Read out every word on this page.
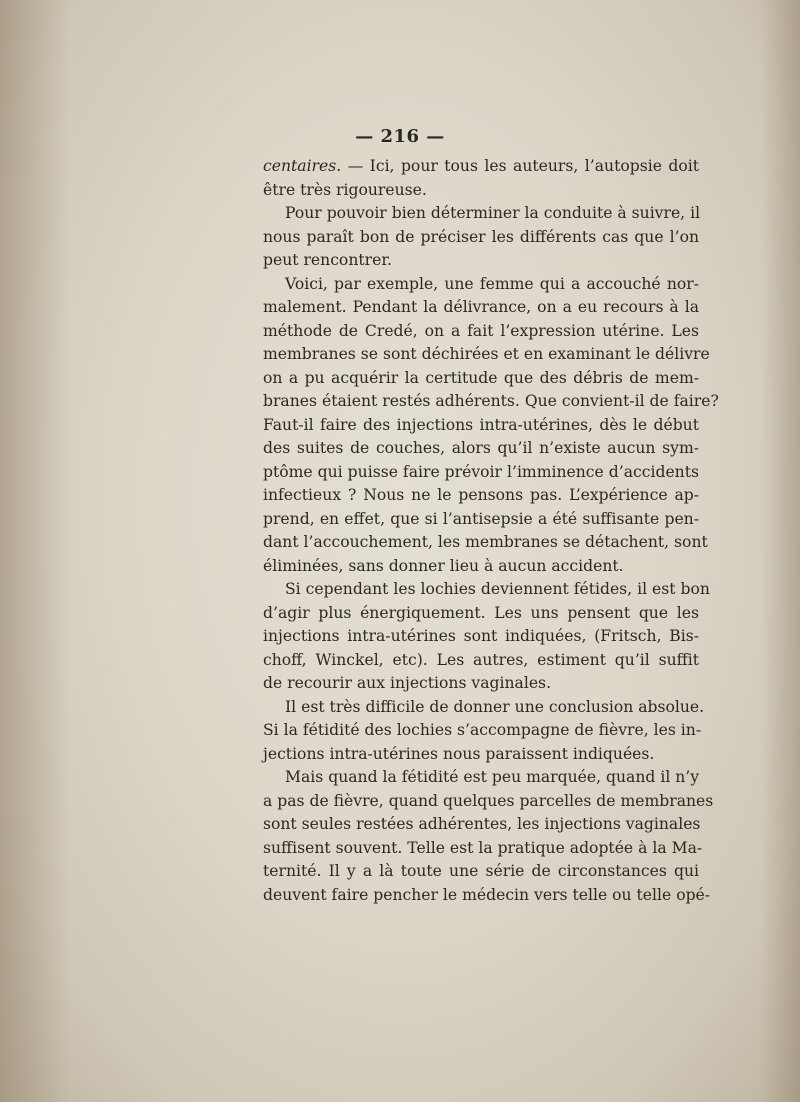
— 216 —
centaires. — Ici, pour tous les auteurs, l’autopsie doit
être très rigoureuse.
Pour pouvoir bien déterminer la conduite à suivre, il
nous paraît bon de préciser les différents cas que l’on
peut rencontrer.
Voici, par exemple, une femme qui a accouché nor-
malement. Pendant la délivrance, on a eu recours à la
méthode de Credé, on a fait l’expression utérine. Les
membranes se sont déchirées et en examinant le délivre
on a pu acquérir la certitude que des débris de mem-
branes étaient restés adhérents. Que convient-il de faire?
Faut-il faire des injections intra-utérines, dès le début
des suites de couches, alors qu’il n’existe aucun sym-
ptôme qui puisse faire prévoir l’imminence d’accidents
infectieux ? Nous ne le pensons pas. L’expérience ap-
prend, en effet, que si l’antisepsie a été suffisante pen-
dant l’accouchement, les membranes se détachent, sont
éliminées, sans donner lieu à aucun accident.
Si cependant les lochies deviennent fétides, il est bon
d’agir plus énergiquement. Les uns pensent que les
injections intra-utérines sont indiquées, (Fritsch, Bis-
choff, Winckel, etc). Les autres, estiment qu’il suffit
de recourir aux injections vaginales.
Il est très difficile de donner une conclusion absolue.
Si la fétidité des lochies s’accompagne de fièvre, les in-
jections intra-utérines nous paraissent indiquées.
Mais quand la fétidité est peu marquée, quand il n’y
a pas de fièvre, quand quelques parcelles de membranes
sont seules restées adhérentes, les injections vaginales
suffisent souvent. Telle est la pratique adoptée à la Ma-
ternité. Il y a là toute une série de circonstances qui
deuvent faire pencher le médecin vers telle ou telle opé-
